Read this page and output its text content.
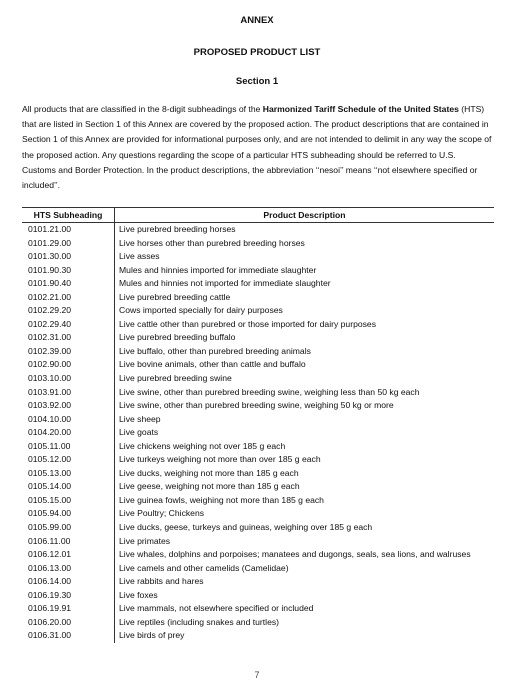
ANNEX
PROPOSED PRODUCT LIST
Section 1
All products that are classified in the 8-digit subheadings of the Harmonized Tariff Schedule of the United States (HTS) that are listed in Section 1 of this Annex are covered by the proposed action. The product descriptions that are contained in Section 1 of this Annex are provided for informational purposes only, and are not intended to delimit in any way the scope of the proposed action. Any questions regarding the scope of a particular HTS subheading should be referred to U.S. Customs and Border Protection. In the product descriptions, the abbreviation ‘‘nesoi’’ means ‘‘not elsewhere specified or included’’.
HTS Subheading	Product Description
0101.21.00	Live purebred breeding horses
0101.29.00	Live horses other than purebred breeding horses
0101.30.00	Live asses
0101.90.30	Mules and hinnies imported for immediate slaughter
0101.90.40	Mules and hinnies not imported for immediate slaughter
0102.21.00	Live purebred breeding cattle
0102.29.20	Cows imported specially for dairy purposes
0102.29.40	Live cattle other than purebred or those imported for dairy purposes
0102.31.00	Live purebred breeding buffalo
0102.39.00	Live buffalo, other than purebred breeding animals
0102.90.00	Live bovine animals, other than cattle and buffalo
0103.10.00	Live purebred breeding swine
0103.91.00	Live swine, other than purebred breeding swine, weighing less than 50 kg each
0103.92.00	Live swine, other than purebred breeding swine, weighing 50 kg or more
0104.10.00	Live sheep
0104.20.00	Live goats
0105.11.00	Live chickens weighing not over 185 g each
0105.12.00	Live turkeys weighing not more than over 185 g each
0105.13.00	Live ducks, weighing not more than 185 g each
0105.14.00	Live geese, weighing not more than 185 g each
0105.15.00	Live guinea fowls, weighing not more than 185 g each
0105.94.00	Live Poultry; Chickens
0105.99.00	Live ducks, geese, turkeys and guineas, weighing over 185 g each
0106.11.00	Live primates
0106.12.01	Live whales, dolphins and porpoises; manatees and dugongs, seals, sea lions, and walruses
0106.13.00	Live camels and other camelids (Camelidae)
0106.14.00	Live rabbits and hares
0106.19.30	Live foxes
0106.19.91	Live mammals, not elsewhere specified or included
0106.20.00	Live reptiles (including snakes and turtles)
0106.31.00	Live birds of prey
7
